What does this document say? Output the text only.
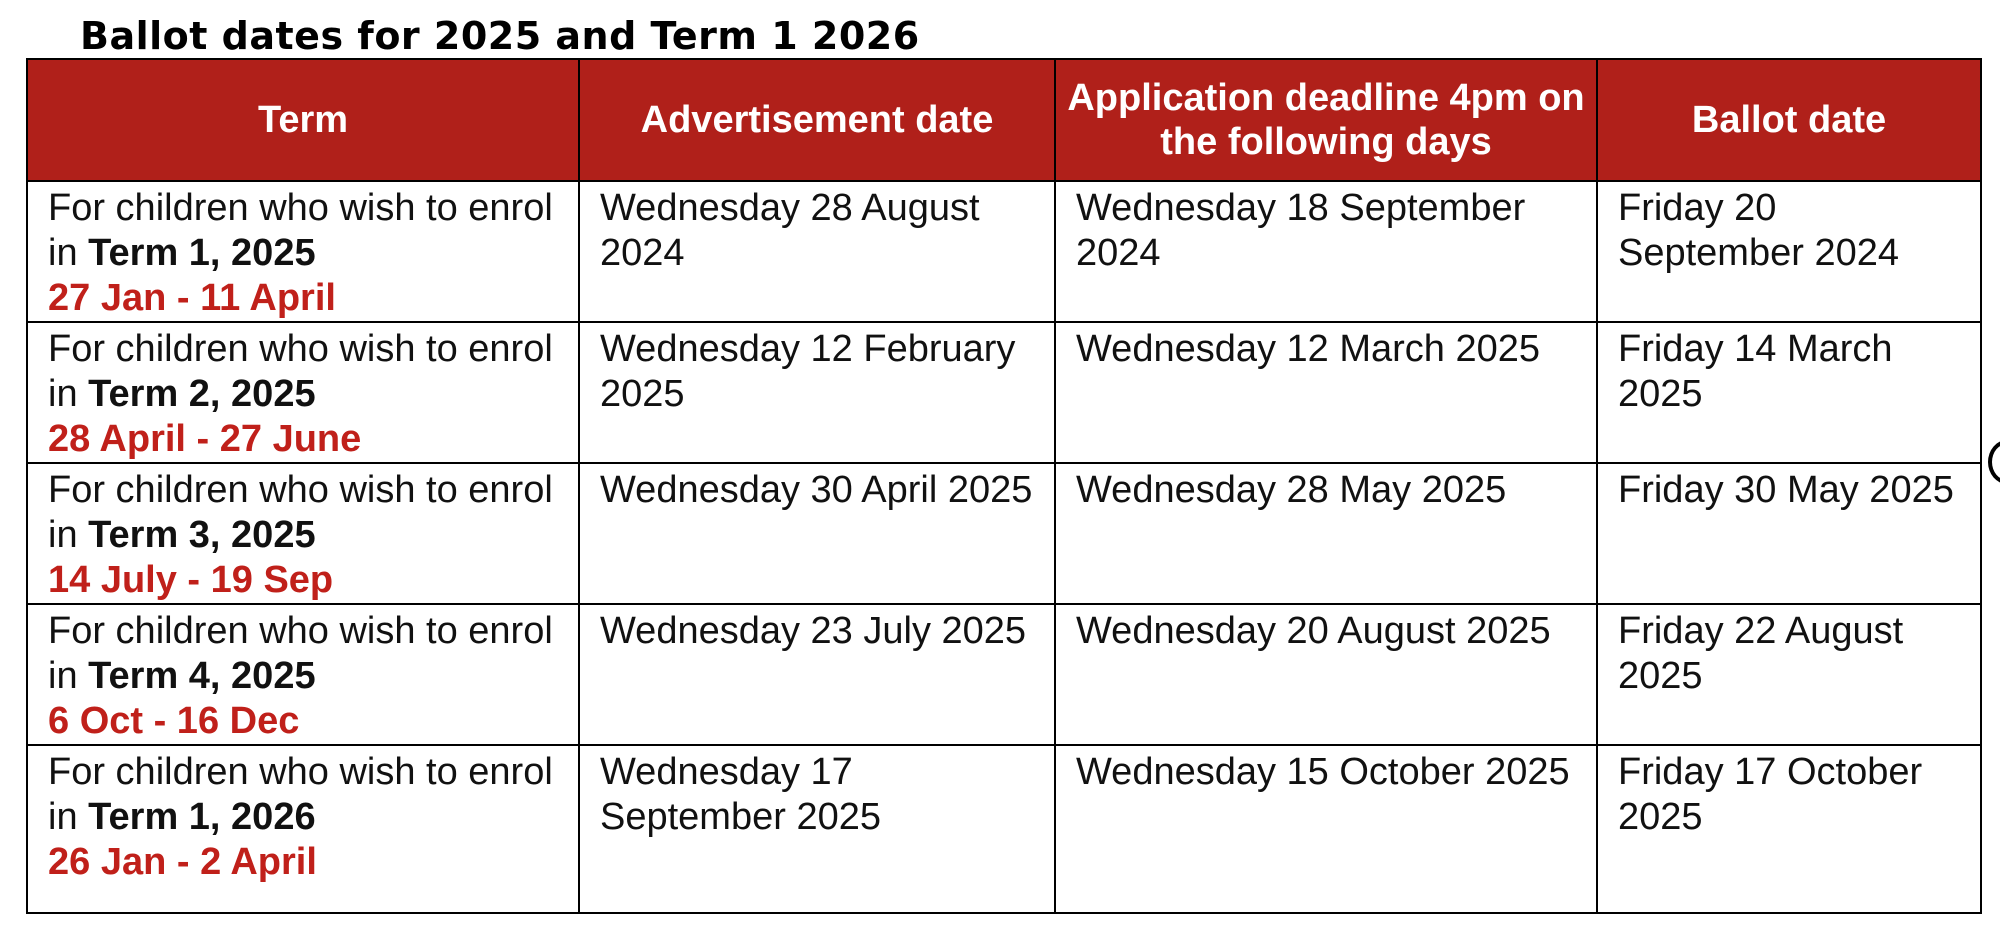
Ballot dates for 2025 and Term 1 2026
Term	Advertisement date	Application deadline 4pm on the following days	Ballot date
For children who wish to enrol in Term 1, 2025
27 Jan - 11 April	Wednesday 28 August 2024	Wednesday 18 September 2024	Friday 20 September 2024
For children who wish to enrol in Term 2, 2025
28 April - 27 June	Wednesday 12 February 2025	Wednesday 12 March 2025	Friday 14 March 2025
For children who wish to enrol in Term 3, 2025
14 July - 19 Sep	Wednesday 30 April 2025	Wednesday 28 May 2025	Friday 30 May 2025
For children who wish to enrol in Term 4, 2025
6 Oct - 16 Dec	Wednesday 23 July 2025	Wednesday 20 August 2025	Friday 22 August 2025
For children who wish to enrol in Term 1, 2026
26 Jan - 2 April	Wednesday 17 September 2025	Wednesday 15 October 2025	Friday 17 October 2025
